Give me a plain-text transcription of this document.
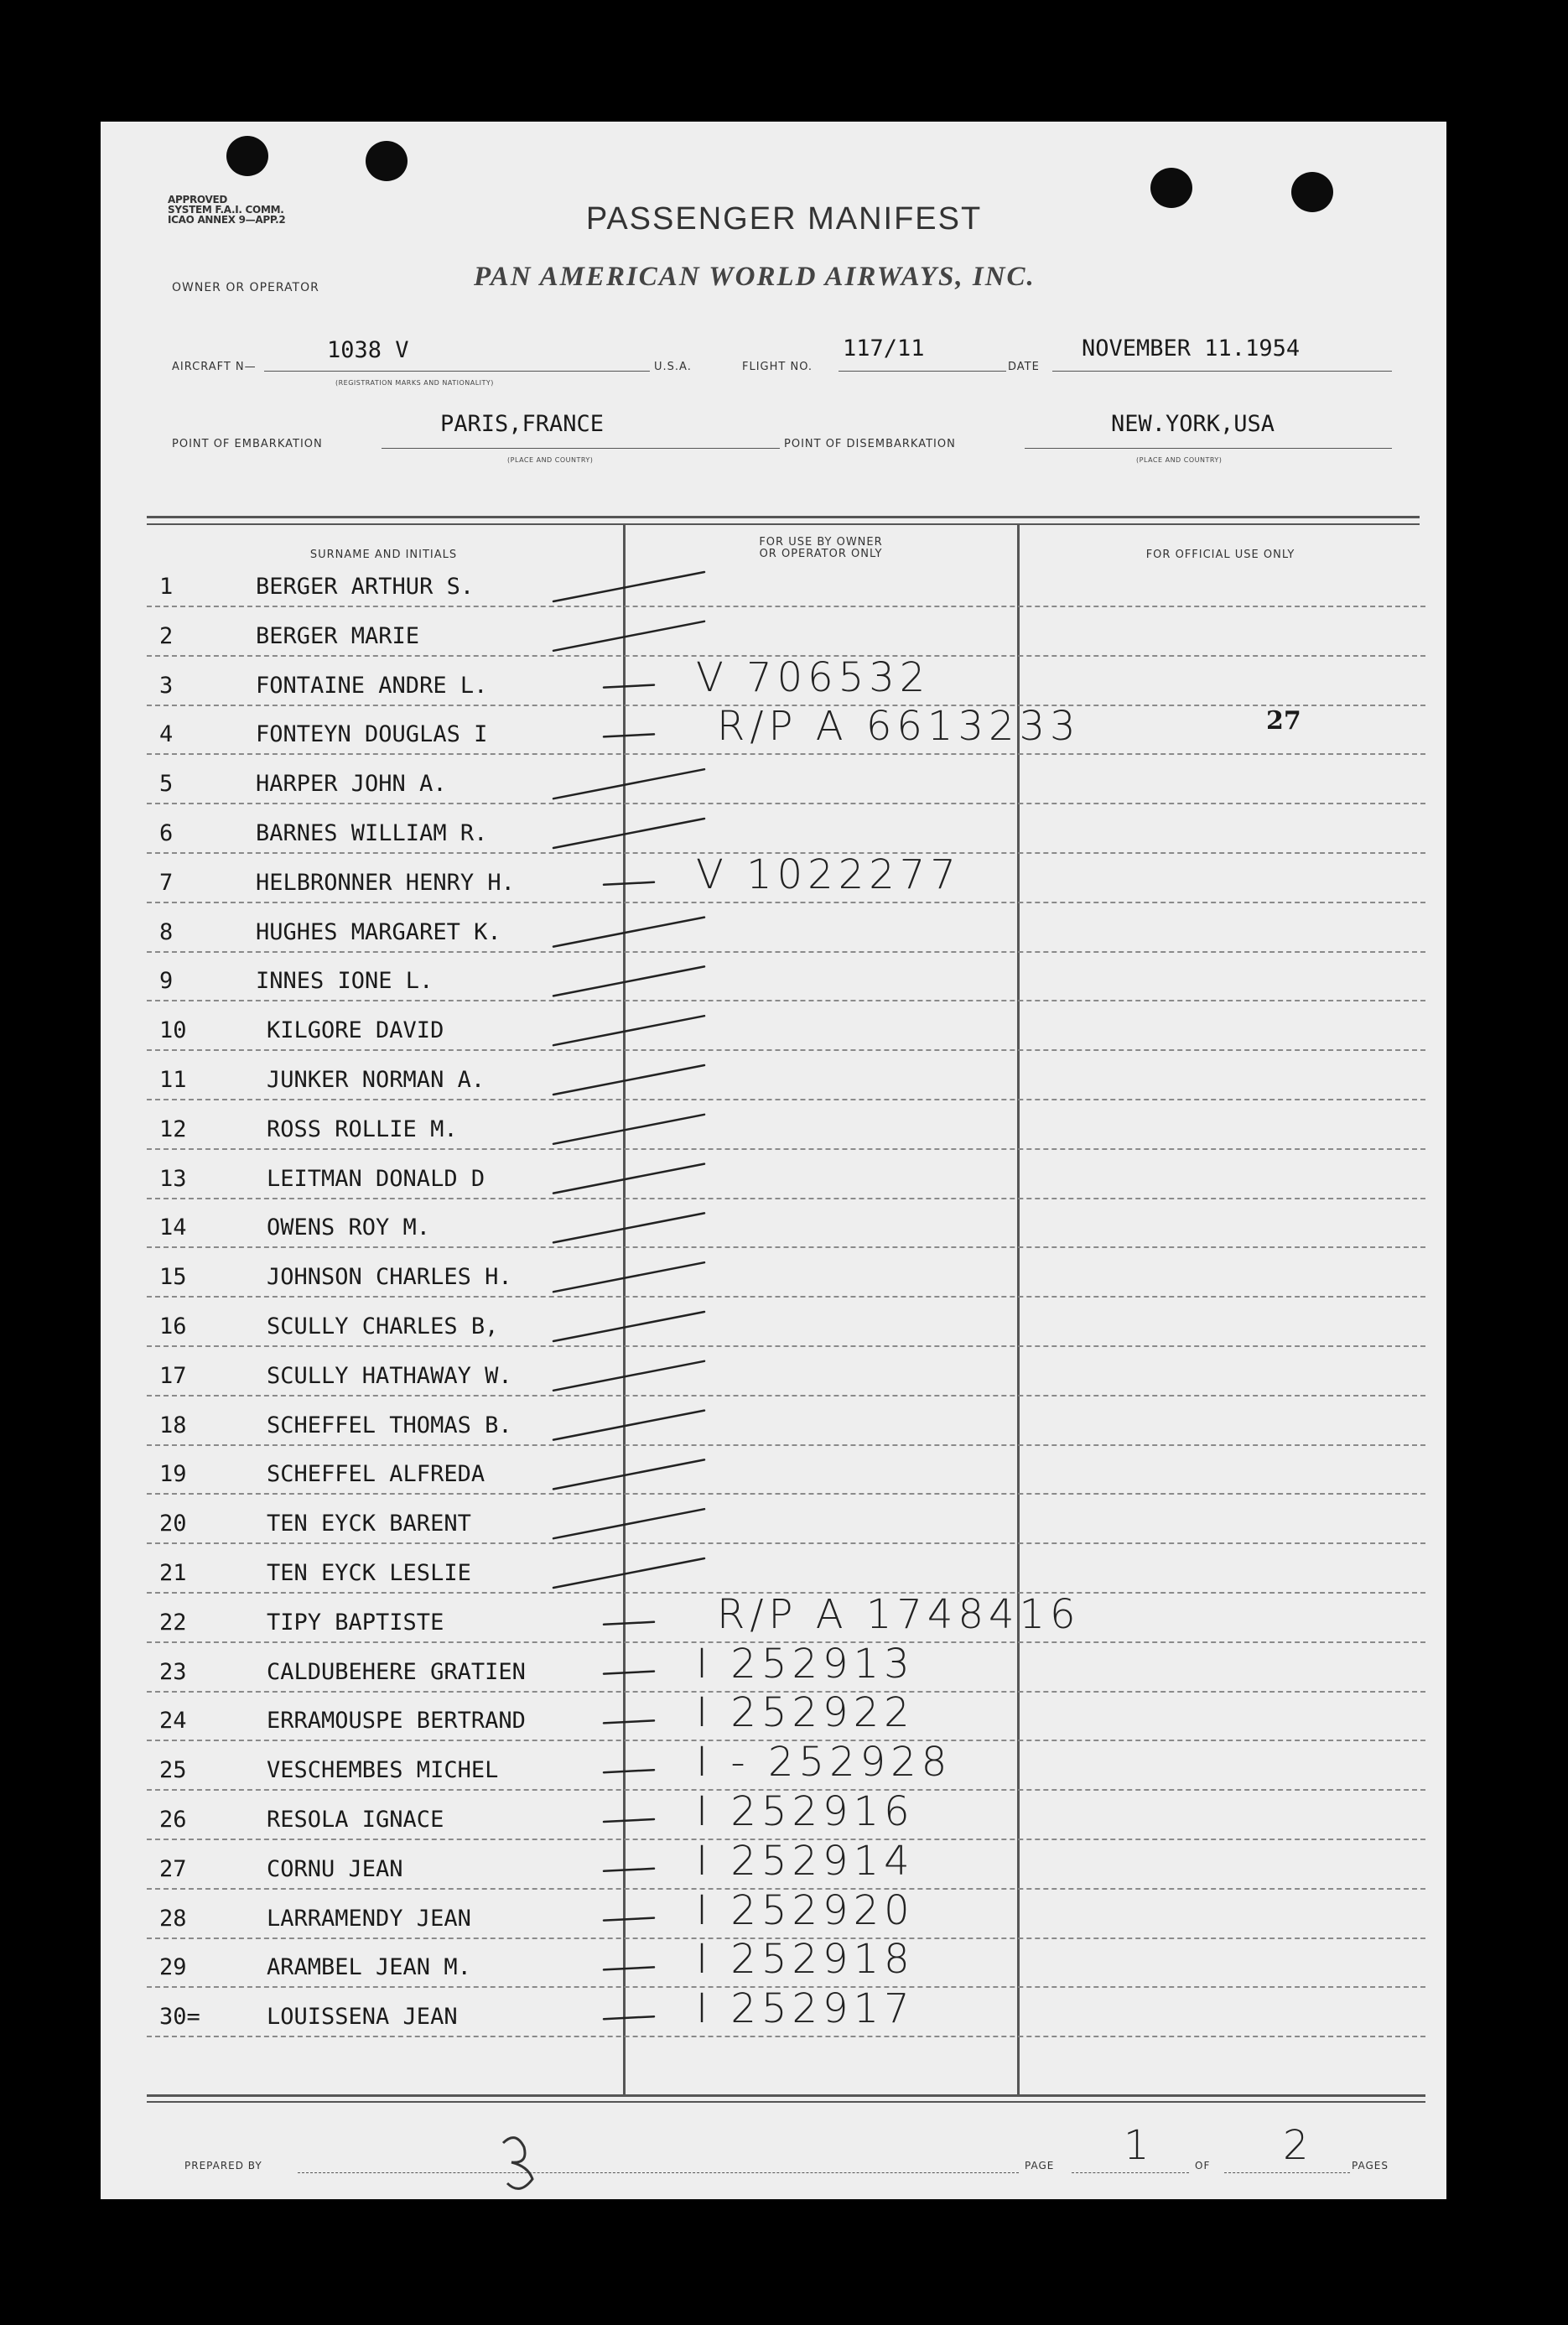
APPROVED
SYSTEM F.A.I. COMM.
ICAO ANNEX 9—APP.2	PASSENGER MANIFEST
OWNER OR OPERATOR	PAN AMERICAN WORLD AIRWAYS, INC.
AIRCRAFT N—
1038 V
(REGISTRATION MARKS AND NATIONALITY)
U.S.A.	FLIGHT NO.
117/11
DATE
NOVEMBER 11.1954
POINT OF EMBARKATION
PARIS,FRANCE
(PLACE AND COUNTRY)
POINT OF DISEMBARKATION
NEW.YORK,USA
(PLACE AND COUNTRY)
SURNAME AND INITIALS
FOR USE BY OWNER
OR OPERATOR ONLY	FOR OFFICIAL USE ONLY
1	BERGER ARTHUR S.
2	BERGER MARIE
3	FONTAINE ANDRE L.	V 706532
4	FONTEYN DOUGLAS I	R/P A 6613233
5	HARPER JOHN A.
6	BARNES WILLIAM R.
7	HELBRONNER HENRY H.	V 1022277
8	HUGHES MARGARET K.
9	INNES IONE L.
10	KILGORE DAVID
11	JUNKER NORMAN A.
12	ROSS ROLLIE M.
13	LEITMAN DONALD D
14	OWENS ROY M.
15	JOHNSON CHARLES H.
16	SCULLY CHARLES B,
17	SCULLY HATHAWAY W.
18	SCHEFFEL THOMAS B.
19	SCHEFFEL ALFREDA
20	TEN EYCK BARENT
21	TEN EYCK LESLIE
22	TIPY BAPTISTE	R/P A 1748416
23	CALDUBEHERE GRATIEN	I 252913
24	ERRAMOUSPE BERTRAND	I 252922
25	VESCHEMBES MICHEL	I - 252928
26	RESOLA IGNACE	I 252916
27	CORNU JEAN	I 252914
28	LARRAMENDY JEAN	I 252920
29	ARAMBEL JEAN M.	I 252918
30=	LOUISSENA JEAN	I 252917
27
PREPARED BY	PAGE 1	OF 2	PAGES
